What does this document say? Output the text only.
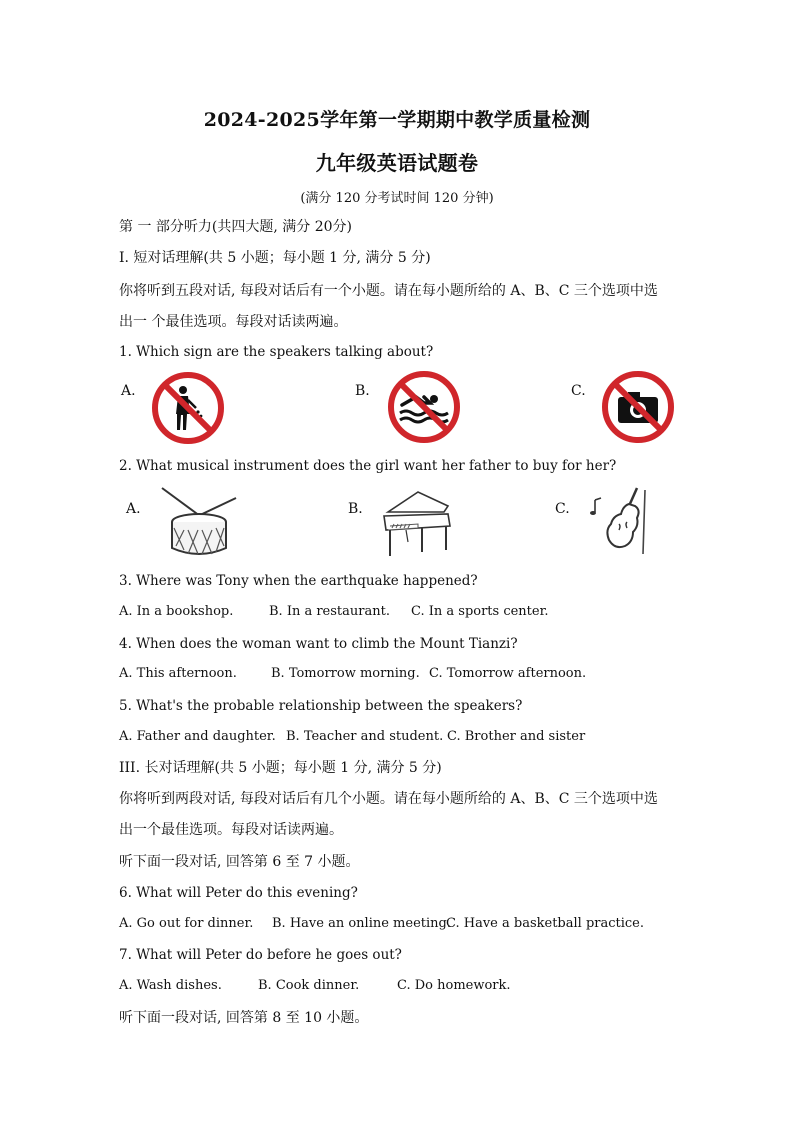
2024-2025学年第一学期期中教学质量检测
九年级英语试题卷
(满分 120 分考试时间 120 分钟)
第 一 部分听力(共四大题, 满分 20分)
I. 短对话理解(共 5 小题；每小题 1 分, 满分 5 分)
你将听到五段对话, 每段对话后有一个小题。请在每小题所给的 A、B、C 三个选项中选
出一 个最佳选项。每段对话读两遍。
1. Which sign are the speakers talking about?
A.	B.	C.
2. What musical instrument does the girl want her father to buy for her?
A.	B.	C.
3. Where was Tony when the earthquake happened?
A. In a bookshop.	B. In a restaurant. C. In a sports center.
4. When does the woman want to climb the Mount Tianzi?
A. This afternoon.	B. Tomorrow morning. C. Tomorrow afternoon.
5. What's the probable relationship between the speakers?
A. Father and daughter. B. Teacher and student. C. Brother and sister
III. 长对话理解(共 5 小题；每小题 1 分, 满分 5 分)
你将听到两段对话, 每段对话后有几个小题。请在每小题所给的 A、B、C 三个选项中选
出一个最佳选项。每段对话读两遍。
听下面一段对话, 回答第 6 至 7 小题。
6. What will Peter do this evening?
A. Go out for dinner. B. Have an online meeting.
C. Have a basketball practice.
7. What will Peter do before he goes out?
A. Wash dishes.	B. Cook dinner.	C. Do homework.
听下面一段对话, 回答第 8 至 10 小题。
